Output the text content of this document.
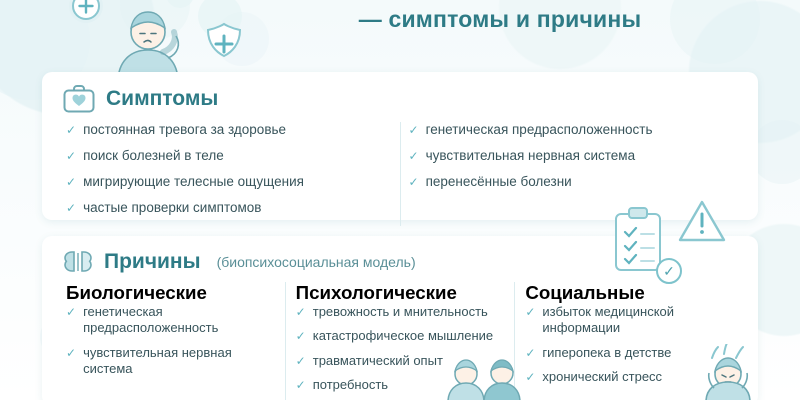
— симптомы и причины
Симптомы
✓ постоянная тревога за здоровье
✓ поиск болезней в теле
✓ мигрирующие телесные ощущения
✓ частые проверки симптомов
✓ генетическая предрасположенность
✓ чувствительная нервная система
✓ перенесённые болезни
Причины (биопсихосоциальная модель)
Биологические
✓ генетическая предрасположенность
✓ чувствительная нервная система
Психологические
✓ тревожность и мнительность
✓ катастрофическое мышление
✓ травматический опыт
✓ потребность
Социальные
✓ избыток медицинской информации
✓ гиперопека в детстве
✓ хронический стресс
✓
